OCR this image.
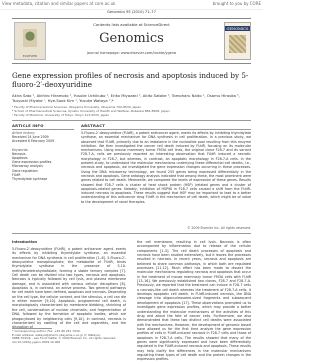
View metadata, citation and similar papers at core.ac.uk	brought to you by CORE
Genomics 95 (2010) 71–77
ELSEVIER
Contents lists available at ScienceDirect
Genomics
journal homepage: www.elsevier.com/locate/ygeno
GENOMICS
Gene expression profiles of necrosis and apoptosis induced by 5-fluoro-2′-deoxyuridine
Akira Sato ᵃ, Akihiro Hiramoto ᵃ, Yusuke Uchikubo ᵃ, Eriko Miyazaki ᵃ, Akito Satake ᵃ, Tomoharu Naito ᵃ, Osamu Hiraoka ᵇ, Tsuyoshi Miyake ᶜ, Hye-Sook Kim ᵃ, Yusuke Wataya ᵃ,*
ᵃ Faculty of Pharmaceutical Sciences, Okayama University, Okayama 700-8530, Japan
ᵇ School of Pharmaceutical Sciences, Kyushu University of Health and Welfare, Nobeoka 882-8508, Japan
ᶜ Faculty of Medicine, University of Tokyo, Tokyo 113-0033, Japan
ARTICLE INFO	ABSTRACT
Article history:
Received 24 June 2009
Accepted 6 February 2009
Keywords:
Necrosis
Apoptosis
Gene expression profiles
Microarray analysis
Gene regulation
FUdR
Thymidylate synthase
5-Fluoro-2′-deoxyuridine (FUdR), a potent anticancer agent, exerts its effects by inhibiting thymidylate synthase, an essential mechanism for DNA synthesis in cell proliferation. In a previous study, we observed that FUdR, primarily due to an imbalance in the nucleotide pool resulting from this enzyme inhibition. We then investigated the cancer cell death induced by FUdR, focusing on its molecular mechanisms. Using mouse mammary tumor FM3A cell lines, the original clone F28-7 and its variant F28-7-A, cells we previously reported an interesting observation that FUdR induced a necrotic morphology in F28-7, but whereas, in contrast, an apoptotic morphology in F28-7-A cells. In the present study, to understand the molecular mechanisms underlying these differential cell deaths, i.e., necrosis and apoptosis, we investigated the gene expression changes occurring in these processes. Using the DNA microarray technology, we found 255 genes being expressed differentially in the necrosis and apoptosis. Gene ontology analysis indicated that among these, the most prominent were genes related to cell death. Meanwhile, we compared the levels of expression of these genes. Results showed that F28-7 cells a cluster of heat shock protein (HSP) (related genes and a cluster of apoptosis-related genes. Notably, inhibition of HSP90 in F28-7 cells caused a shift from the FUdR-induced necrosis to apoptosis. These results suggest that HSP may be important to lead to a better understanding of this anticancer drug FUdR in the mechanism of cell death, which might be of value to the development of novel therapies.
© 2009 Elsevier Inc. All rights reserved.
Introduction
5-Fluoro-2′-deoxyuridine (FUdR), a potent anticancer agent, exerts its effects by inhibiting thymidylate synthase, an essential mechanism for DNA synthesis in cell proliferation [1–6]. 5-Fluoro-2′-deoxyuridine monophosphate, the metabolite of FUdR, binds thymidylate synthase in the presence of 5,10-methylenetetrahydrofolate, forming a stable ternary complex [7]. Cell death can be divided into two types, necrosis and apoptosis. Necrosis is typically followed by cell lysis, and plasma membrane damage, and is associated with various cellular disruptions [8]. Apoptosis is, in contrast, an active process. Two general pathways for cell death have been defined, apoptosis and necrosis. Depending on the cell type, the cellular context, and the stimulus, a cell can die in either manner [9,10]. Apoptosis, programmed cell death, is morphologically characterized by membrane blebbing, shrinking of the cell, condensation of nuclear chromatin, and fragmentation of DNA, followed by the formation of apoptotic bodies, which are phagocytosed by neighboring cells [9,10]. In contrast, necrosis is characterized by swelling of the cell and organelles, and the disruption of
the cell membrane, resulting in cell lysis. Necrosis is often accompanied by inflammation due to release of the cellular components [1–5]. The cell death processes of apoptosis and necrosis have been studied extensively, but it leaves the processes resulted in necrosis. In recent years, necrosis and apoptosis are believed to share common pathways, in which both are regulated processes [11,12]. Much effort has been made to dissect the molecular mechanisms regulating necrosis and apoptosis that occur in the treatment of mouse mammary tumor FM3A cells with FUdR [13–16]. We previously established two clones, F28-7 and F28-7-A. Previously, we reported that the treatment can induce in F28-7 cells a necrosis-like cell death whereas the treatment of F28-7-A cells, it develops apoptotic cell death. In FUdR-induced necrosis, the DNA cleavage into oligonucleosome-sized fragments and subsequent development of apoptosis [17]. These observations prompted us to investigate gene expression profiles, which may provide a better understanding the molecular mechanisms of the activities of this drug and about the fate of cancer cells. Furthermore, we also demonstrated that these two distinct cell deaths were associated with the mechanisms. However, the development of genomic based have allowed us for the first time analyze the gene expression profiles of cells in FUdR-induced necrosis in F28-7 cells and those of apoptosis in F28-7-A cells. The results showed that many of the genes were significantly expressed and have been differentially regulated in the FUdR-induced necrosis and apoptosis. These results may help clarify the differences in the molecular mechanisms regulating these types of cell death and the protein changes in the expression profiles.
* Corresponding author. Fax: +81 86 251 7939.
E-mail address: wataya@pharm.okayama-u.ac.jp (Y. Wataya).
0888-7543/$ – see front matter © 2009 Elsevier Inc. All rights reserved.
doi:10.1016/j.ygeno.2009.10.006
